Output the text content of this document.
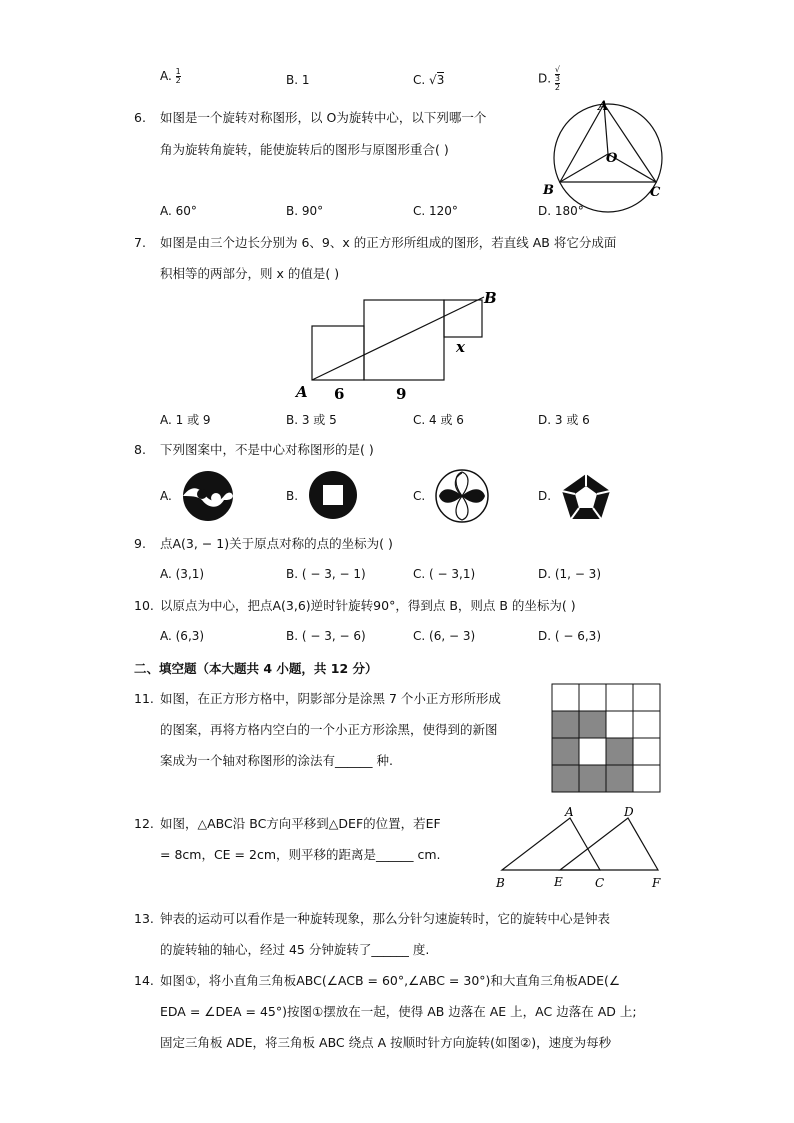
A. $\frac{1}{2}$	B. 1	C. √3	D. √
3
2
6. 如图是一个旋转对称图形，以 O为旋转中心，以下列哪一个
角为旋转角旋转，能使旋转后的图形与原图形重合( )
A
O
B	C
A. 60°	B. 90°	C. 120°	D. 180°
7. 如图是由三个边长分别为 6、9、x 的正方形所组成的图形，若直线 AB 将它分成面
积相等的两部分，则 x 的值是( )
A
B
6	9
x
A. 1 或 9	B. 3 或 5	C. 4 或 6	D. 3 或 6
8. 下列图案中，不是中心对称图形的是( )
A.	B.	C.	D.
9. 点A(3, − 1)关于原点对称的点的坐标为( )
A. (3,1)	B. ( − 3, − 1)	C. ( − 3,1)	D. (1, − 3)
10. 以原点为中心，把点A(3,6)逆时针旋转90°，得到点 B，则点 B 的坐标为( )
A. (6,3)	B. ( − 3, − 6)	C. (6, − 3)	D. ( − 6,3)
二、填空题（本大题共 4 小题，共 12 分）
11. 如图，在正方形方格中，阴影部分是涂黑 7 个小正方形所形成
的图案，再将方格内空白的一个小正方形涂黑，使得到的新图
案成为一个轴对称图形的涂法有______ 种.
12. 如图，△ABC沿 BC方向平移到△DEF的位置，若EF
= 8cm，CE = 2cm，则平移的距离是______ cm.
B
A
E	C
D
F
13. 钟表的运动可以看作是一种旋转现象，那么分针匀速旋转时，它的旋转中心是钟表
的旋转轴的轴心，经过 45 分钟旋转了______ 度.
14. 如图①，将小直角三角板ABC(∠ACB = 60°,∠ABC = 30°)和大直角三角板ADE(∠
EDA = ∠DEA = 45°)按图①摆放在一起，使得 AB 边落在 AE 上，AC 边落在 AD 上;
固定三角板 ADE，将三角板 ABC 绕点 A 按顺时针方向旋转(如图②)，速度为每秒
